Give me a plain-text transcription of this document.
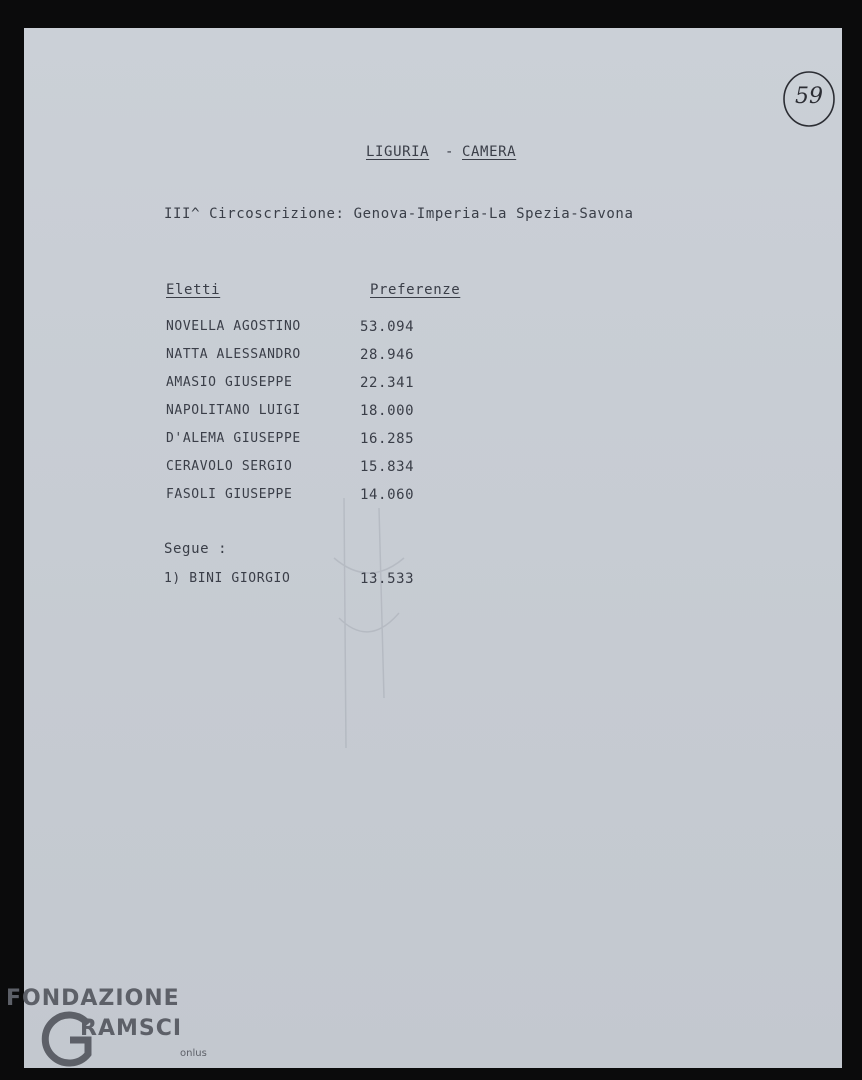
59
LIGURIA - CAMERA
III^ Circoscrizione: Genova-Imperia-La Spezia-Savona
Eletti	Preferenze
NOVELLA AGOSTINO	53.094
NATTA ALESSANDRO	28.946
AMASIO GIUSEPPE	22.341
NAPOLITANO LUIGI	18.000
D'ALEMA GIUSEPPE	16.285
CERAVOLO SERGIO	15.834
FASOLI GIUSEPPE	14.060
Segue :
1) BINI GIORGIO	13.533
FONDAZIONE
RAMSCI
onlus
